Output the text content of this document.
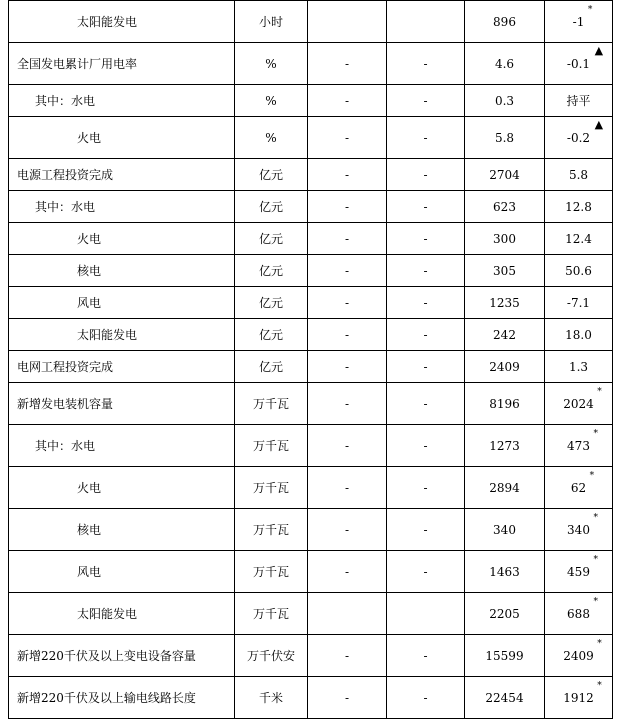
太阳能发电	小时			896	-1
*

全国发电累计厂用电率	%	-	-	4.6	-0.1
▲

其中：水电	%	-	-	0.3	持平
火电	%	-	-	5.8	-0.2
▲

电源工程投资完成	亿元	-	-	2704	5.8
其中：水电	亿元	-	-	623	12.8
火电	亿元	-	-	300	12.4
核电	亿元	-	-	305	50.6
风电	亿元	-	-	1235	-7.1
太阳能发电	亿元	-	-	242	18.0
电网工程投资完成	亿元	-	-	2409	1.3
新增发电装机容量	万千瓦	-	-	8196	2024
*

其中：水电	万千瓦	-	-	1273	473
*

火电	万千瓦	-	-	2894	62
*

核电	万千瓦	-	-	340	340
*

风电	万千瓦	-	-	1463	459
*

太阳能发电	万千瓦			2205	688
*

新增220千伏及以上变电设备容量	万千伏安	-	-	15599	2409
*

新增220千伏及以上输电线路长度	千米	-	-	22454	1912
*
